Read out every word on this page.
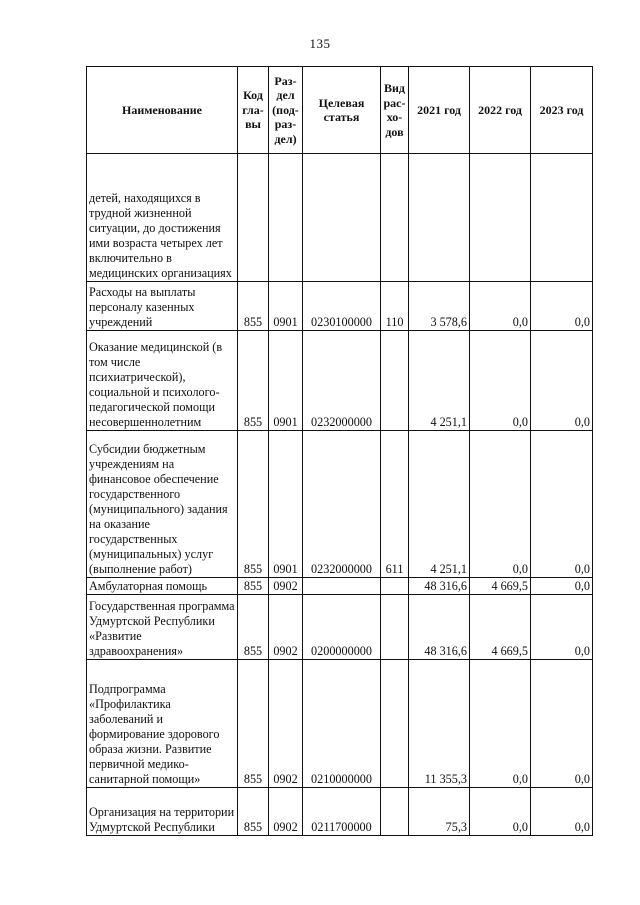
135
Наименование	Код гла-вы	Раз-дел (под-раз-дел)	Целевая статья	Вид рас-хо-дов	2021 год	2022 год	2023 год
детей, находящихся в трудной жизненной ситуации, до достижения ими возраста четырех лет включительно в медицинских организациях							
Расходы на выплаты персоналу казенных учреждений	855	0901	0230100000	110	3 578,6	0,0	0,0
Оказание медицинской (в том числе психиатрической), социальной и психолого-педагогической помощи несовершеннолетним	855	0901	0232000000		4 251,1	0,0	0,0
Субсидии бюджетным учреждениям на финансовое обеспечение государственного (муниципального) задания на оказание государственных (муниципальных) услуг (выполнение работ)	855	0901	0232000000	611	4 251,1	0,0	0,0
Амбулаторная помощь	855	0902			48 316,6	4 669,5	0,0
Государственная программа Удмуртской Республики «Развитие здравоохранения»	855	0902	0200000000		48 316,6	4 669,5	0,0
Подпрограмма «Профилактика заболеваний и формирование здорового образа жизни. Развитие первичной медико-санитарной помощи»	855	0902	0210000000		11 355,3	0,0	0,0
Организация на территории Удмуртской Республики	855	0902	0211700000		75,3	0,0	0,0
